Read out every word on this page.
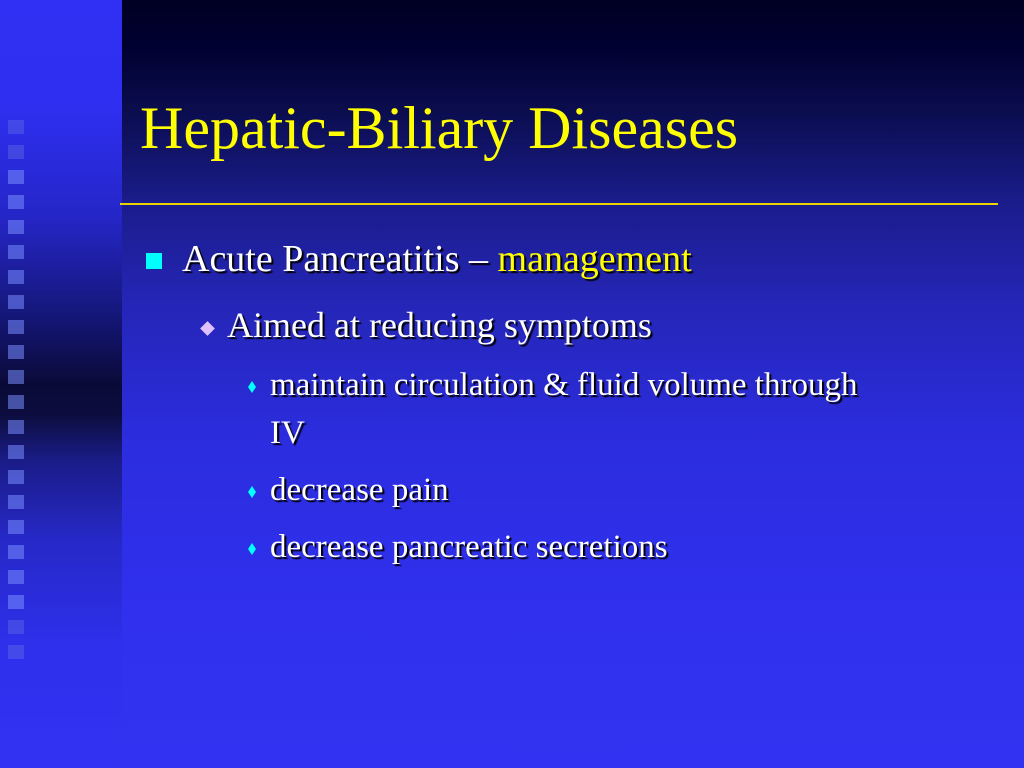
Hepatic-Biliary Diseases
Acute Pancreatitis – management
Aimed at reducing symptoms
maintain circulation & fluid volume through
IV
decrease pain
decrease pancreatic secretions
